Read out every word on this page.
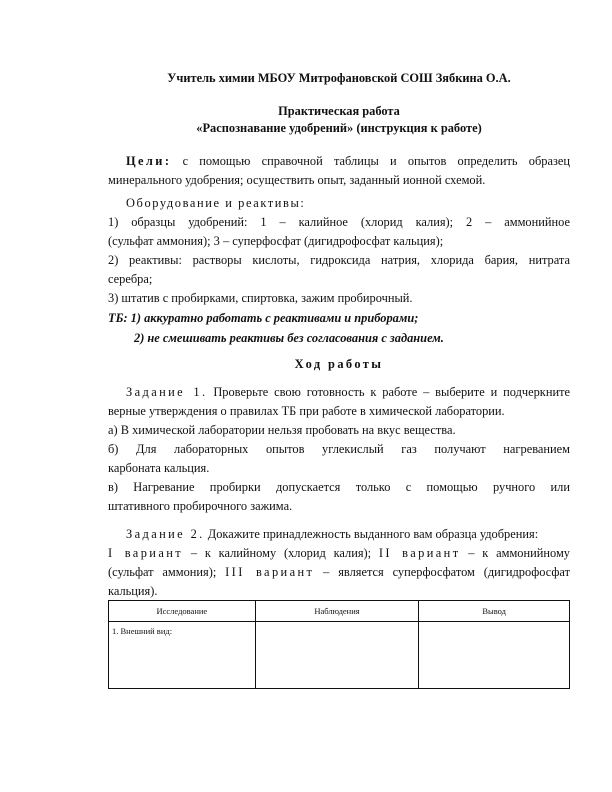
Учитель химии МБОУ Митрофановской СОШ Зябкина О.А.
Практическая работа
«Распознавание удобрений» (инструкция к работе)
Цели: с помощью справочной таблицы и опытов определить образец
минерального удобрения; осуществить опыт, заданный ионной схемой.
Оборудование и реактивы:
1) образцы удобрений: 1 – калийное (хлорид калия); 2 – аммонийное
(сульфат аммония); 3 – суперфосфат (дигидрофосфат кальция);
2) реактивы: растворы кислоты, гидроксида натрия, хлорида бария, нитрата
серебра;
3) штатив с пробирками, спиртовка, зажим пробирочный.
ТБ: 1) аккуратно работать с реактивами и приборами;
2) не смешивать реактивы без согласования с заданием.
Ход работы
Задание 1. Проверьте свою готовность к работе – выберите и подчеркните
верные утверждения о правилах ТБ при работе в химической лаборатории.
а) В химической лаборатории нельзя пробовать на вкус вещества.
б) Для лабораторных опытов углекислый газ получают нагреванием
карбоната кальция.
в) Нагревание пробирки допускается только с помощью ручного или
штативного пробирочного зажима.
Задание 2. Докажите принадлежность выданного вам образца удобрения:
I вариант – к калийному (хлорид калия); II вариант – к аммонийному
(сульфат аммония); III вариант – является суперфосфатом (дигидрофосфат
кальция).
Исследование	Наблюдения	Вывод

1. Внешний вид:		
